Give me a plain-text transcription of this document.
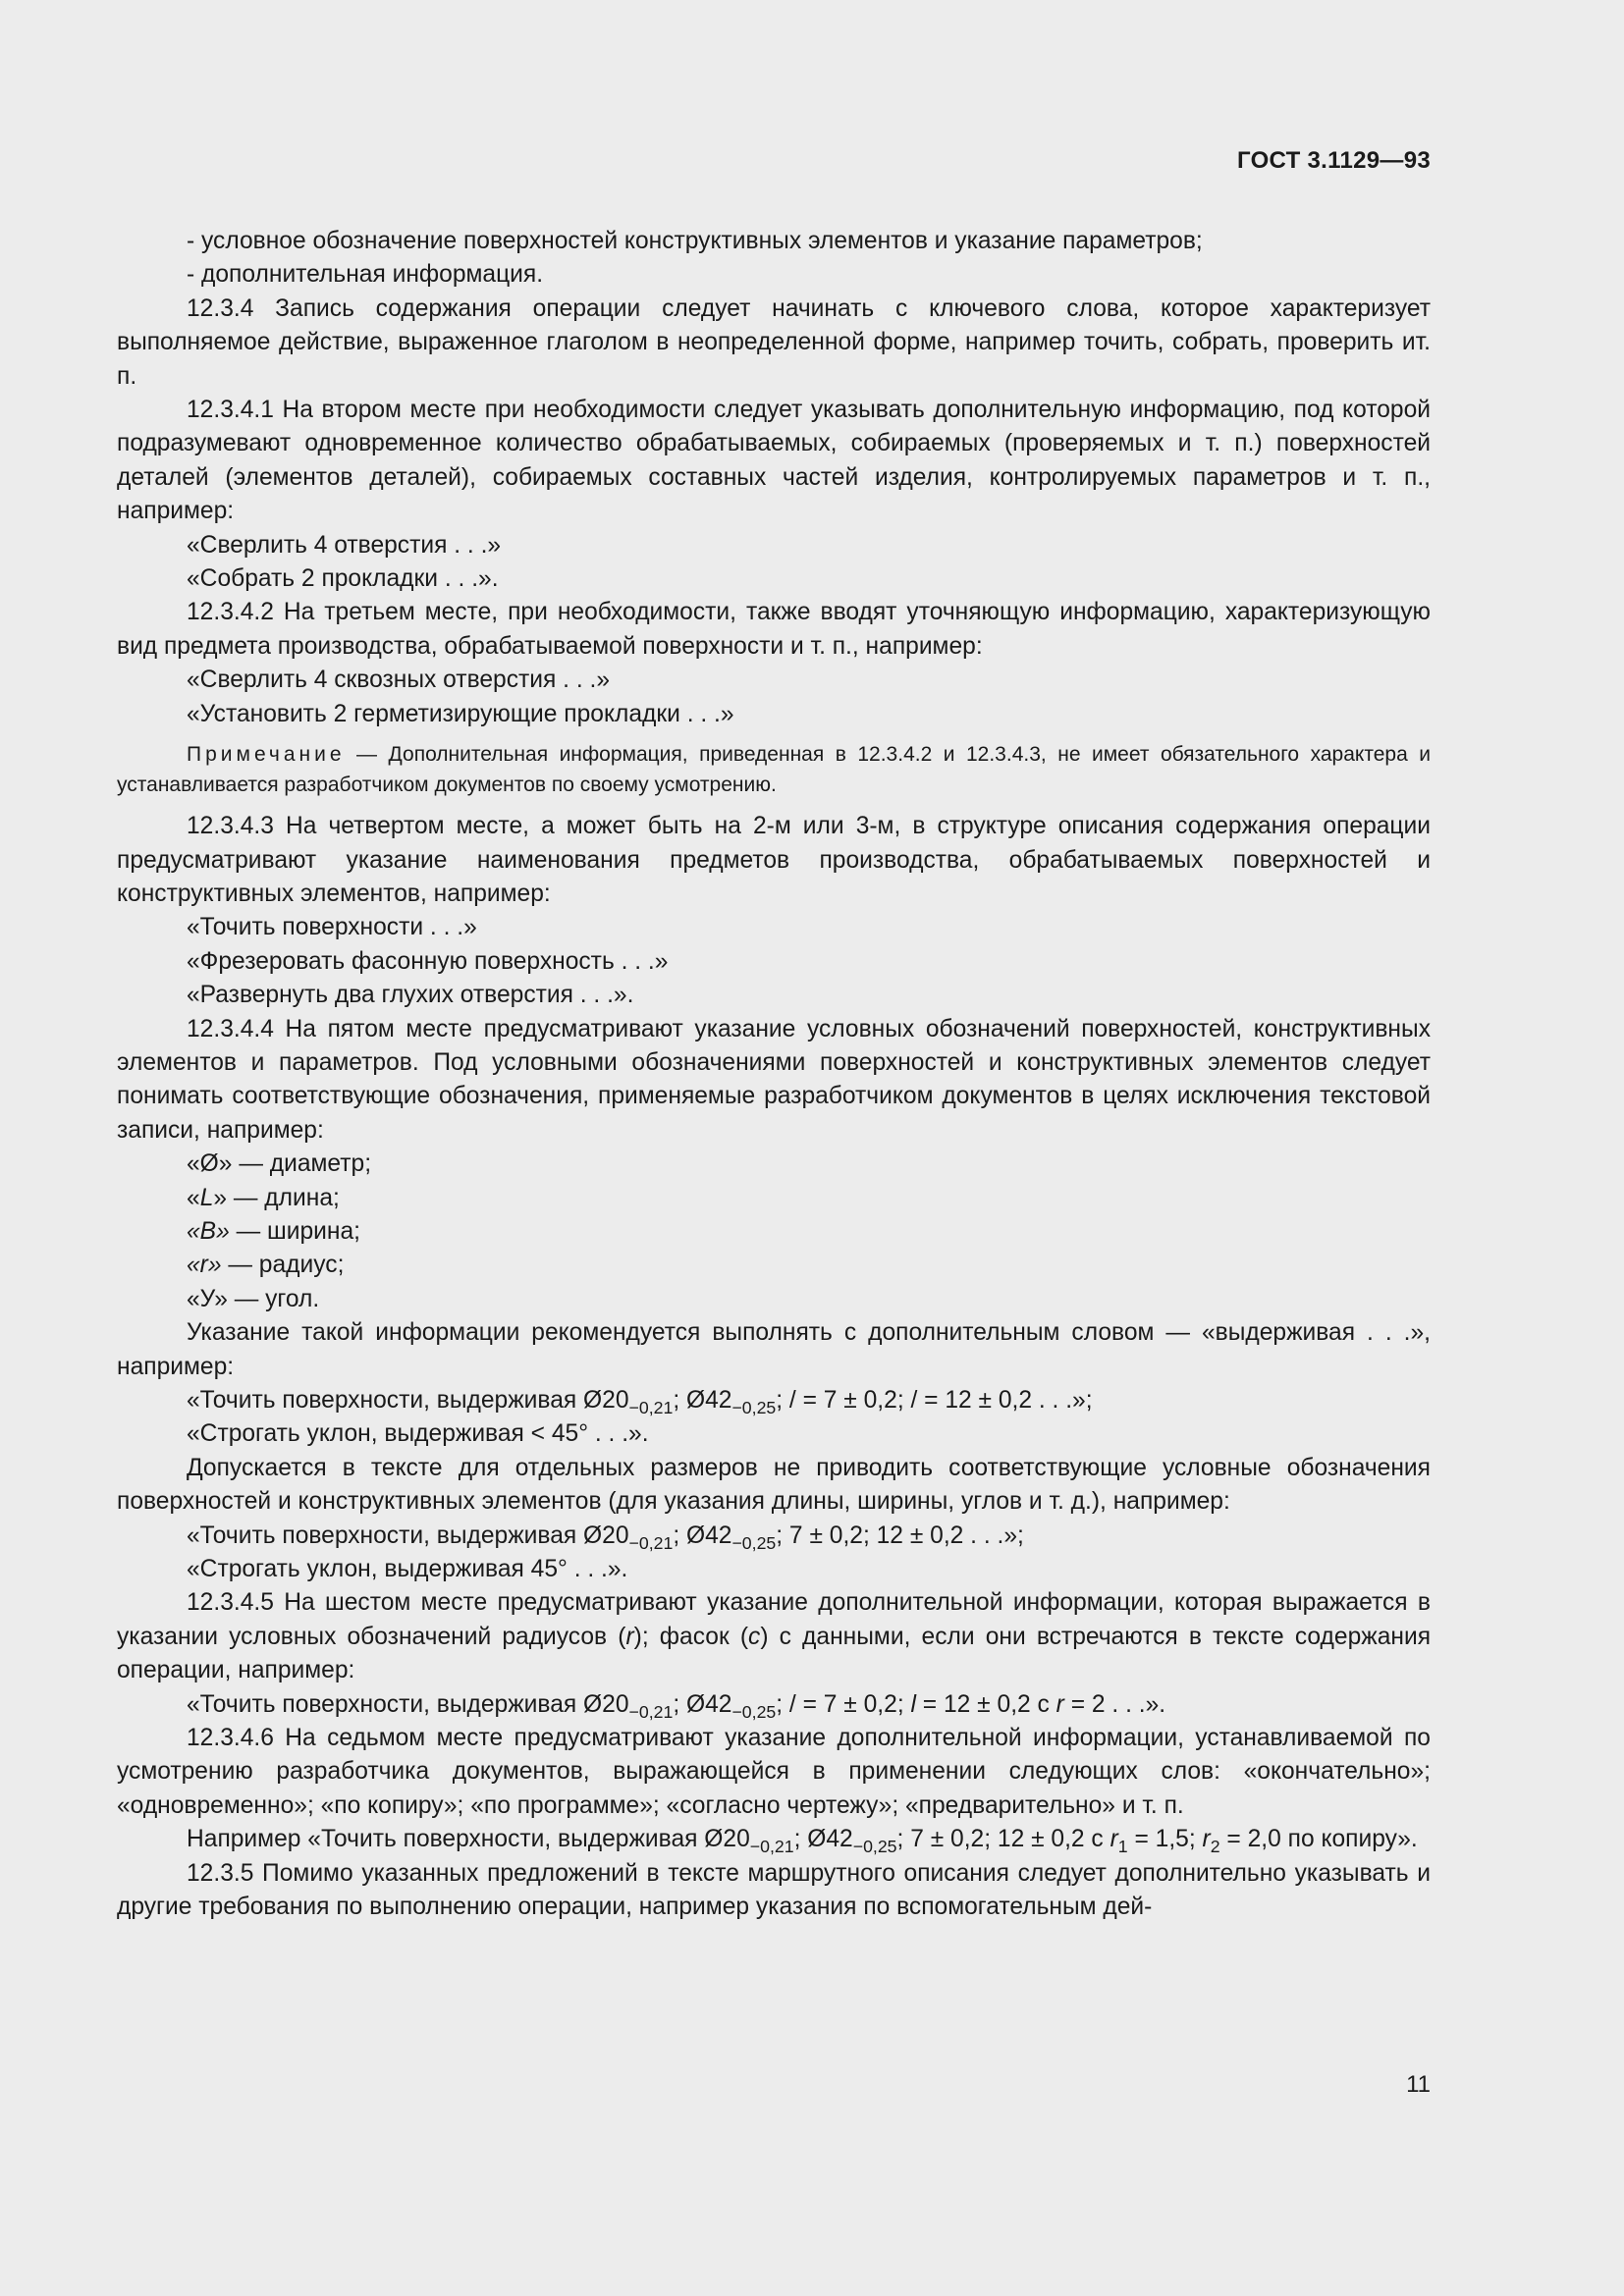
ГОСТ 3.1129—93

- условное обозначение поверхностей конструктивных элементов и указание параметров;

- дополнительная информация.

12.3.4 Запись содержания операции следует начинать с ключевого слова, которое характеризует выполняемое действие, выраженное глаголом в неопределенной форме, например точить, собрать, проверить ит. п.

12.3.4.1 На втором месте при необходимости следует указывать дополнительную информацию, под которой подразумевают одновременное количество обрабатываемых, собираемых (проверяемых и т. п.) поверхностей деталей (элементов деталей), собираемых составных частей изделия, контролируемых параметров и т. п., например:

«Сверлить 4 отверстия . . .»

«Собрать 2 прокладки . . .».

12.3.4.2 На третьем месте, при необходимости, также вводят уточняющую информацию, характеризующую вид предмета производства, обрабатываемой поверхности и т. п., например:

«Сверлить 4 сквозных отверстия . . .»

«Установить 2 герметизирующие прокладки . . .»

Примечание — Дополнительная информация, приведенная в 12.3.4.2 и 12.3.4.3, не имеет обязательного характера и устанавливается разработчиком документов по своему усмотрению.

12.3.4.3 На четвертом месте, а может быть на 2-м или 3-м, в структуре описания содержания операции предусматривают указание наименования предметов производства, обрабатываемых поверхностей и конструктивных элементов, например:

«Точить поверхности . . .»

«Фрезеровать фасонную поверхность . . .»

«Развернуть два глухих отверстия . . .».

12.3.4.4 На пятом месте предусматривают указание условных обозначений поверхностей, конструктивных элементов и параметров. Под условными обозначениями поверхностей и конструктивных элементов следует понимать соответствующие обозначения, применяемые разработчиком документов в целях исключения текстовой записи, например:

«Ø» — диаметр;

«L» — длина;

«B» — ширина;

«r» — радиус;

«У» — угол.

Указание такой информации рекомендуется выполнять с дополнительным словом — «выдерживая . . .», например:

«Точить поверхности, выдерживая $Ø20_{-0,21}$; $Ø42_{-0,25}$; / = 7 ± 0,2; / = 12 ± 0,2 . . .»;

«Строгать уклон, выдерживая < 45° . . .».

Допускается в тексте для отдельных размеров не приводить соответствующие условные обозначения поверхностей и конструктивных элементов (для указания длины, ширины, углов и т. д.), например:

«Точить поверхности, выдерживая $Ø20_{-0,21}$; $Ø42_{-0,25}$; 7 ± 0,2; 12 ± 0,2 . . .»;

«Строгать уклон, выдерживая 45° . . .».

12.3.4.5 На шестом месте предусматривают указание дополнительной информации, которая выражается в указании условных обозначений радиусов (r); фасок (c) с данными, если они встречаются в тексте содержания операции, например:

«Точить поверхности, выдерживая $Ø20_{-0,21}$; $Ø42_{-0,25}$; / = 7 ± 0,2; l = 12 ± 0,2 с r = 2 . . .».

12.3.4.6 На седьмом месте предусматривают указание дополнительной информации, устанавливаемой по усмотрению разработчика документов, выражающейся в применении следующих слов: «окончательно»; «одновременно»; «по копиру»; «по программе»; «согласно чертежу»; «предварительно» и т. п.

Например «Точить поверхности, выдерживая $Ø20_{-0,21}$; $Ø42_{-0,25}$; 7 ± 0,2; 12 ± 0,2 с $r_1 = 1,5$; $r_2 = 2,0$ по копиру».

12.3.5 Помимо указанных предложений в тексте маршрутного описания следует дополнительно указывать и другие требования по выполнению операции, например указания по вспомогательным дей-

11
